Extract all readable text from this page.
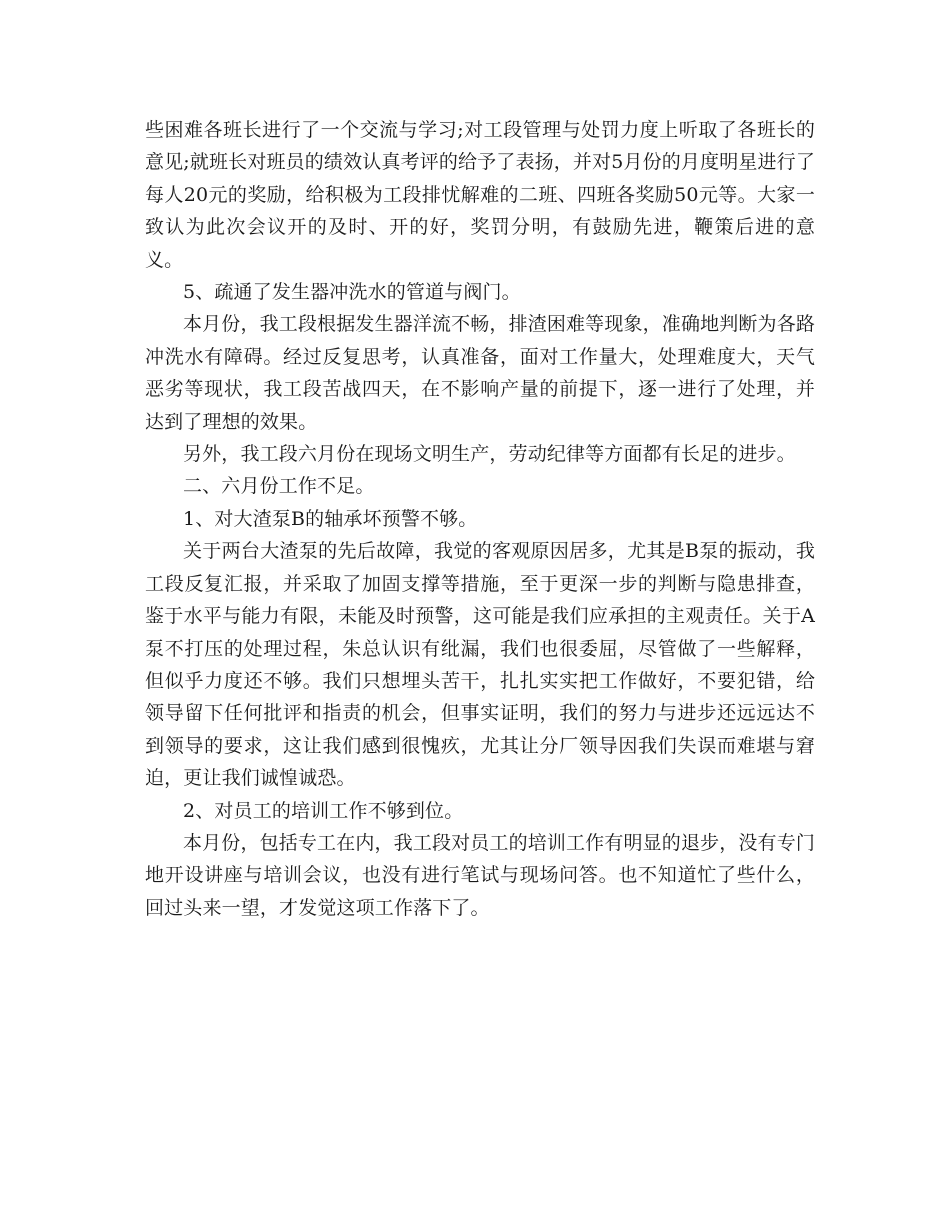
些困难各班长进行了一个交流与学习;对工段管理与处罚力度上听取了各班长的意见;就班长对班员的绩效认真考评的给予了表扬，并对5月份的月度明星进行了每人20元的奖励，给积极为工段排忧解难的二班、四班各奖励50元等。大家一致认为此次会议开的及时、开的好，奖罚分明，有鼓励先进，鞭策后进的意义。

5、疏通了发生器冲洗水的管道与阀门。

本月份，我工段根据发生器洋流不畅，排渣困难等现象，准确地判断为各路冲洗水有障碍。经过反复思考，认真准备，面对工作量大，处理难度大，天气恶劣等现状，我工段苦战四天，在不影响产量的前提下，逐一进行了处理，并达到了理想的效果。

另外，我工段六月份在现场文明生产，劳动纪律等方面都有长足的进步。

二、六月份工作不足。

1、对大渣泵B的轴承坏预警不够。

关于两台大渣泵的先后故障，我觉的客观原因居多，尤其是B泵的振动，我工段反复汇报，并采取了加固支撑等措施，至于更深一步的判断与隐患排查，鉴于水平与能力有限，未能及时预警，这可能是我们应承担的主观责任。关于A泵不打压的处理过程，朱总认识有纰漏，我们也很委屈，尽管做了一些解释，但似乎力度还不够。我们只想埋头苦干，扎扎实实把工作做好，不要犯错，给领导留下任何批评和指责的机会，但事实证明，我们的努力与进步还远远达不到领导的要求，这让我们感到很愧疚，尤其让分厂领导因我们失误而难堪与窘迫，更让我们诚惶诚恐。

2、对员工的培训工作不够到位。

本月份，包括专工在内，我工段对员工的培训工作有明显的退步，没有专门地开设讲座与培训会议，也没有进行笔试与现场问答。也不知道忙了些什么，回过头来一望，才发觉这项工作落下了。
